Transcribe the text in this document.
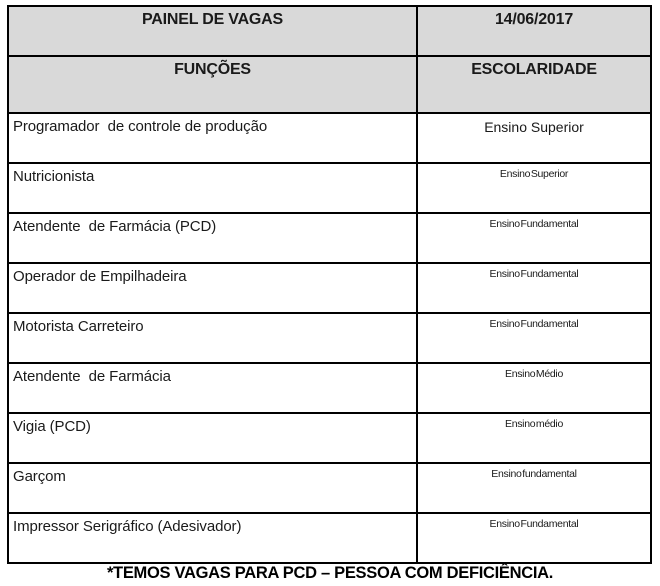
PAINEL DE VAGAS	14/06/2017
FUNÇÕES	ESCOLARIDADE
Programador  de controle de produção	Ensino Superior
Nutricionista	Ensino Superior
Atendente  de Farmácia (PCD)	Ensino Fundamental
Operador de Empilhadeira	Ensino Fundamental
Motorista Carreteiro	Ensino Fundamental
Atendente  de Farmácia	Ensino Médio
Vigia (PCD)	Ensino médio
Garçom	Ensino fundamental
Impressor Serigráfico (Adesivador)	Ensino Fundamental
*TEMOS VAGAS PARA PCD – PESSOA COM DEFICIÊNCIA.
